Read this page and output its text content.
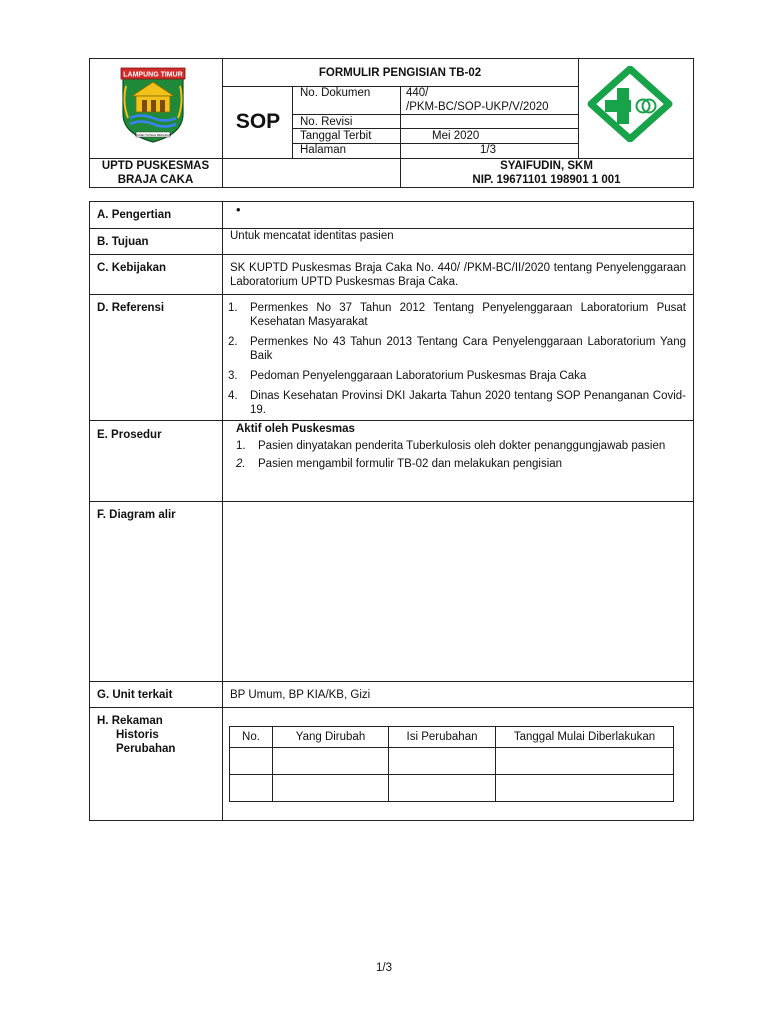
LAMPUNG TIMUR
BUMEI TUWAH BEPADAN
FORMULIR PENGISIAN TB-02
SOP
No. Dokumen	440/
/PKM-BC/SOP-UKP/V/2020
No. Revisi
Tanggal Terbit	Mei 2020
Halaman	1/3
UPTD PUSKESMAS
BRAJA CAKA
SYAIFUDIN, SKM
NIP. 19671101 198901 1 001
A. Pengertian	•
B. Tujuan	Untuk mencatat identitas pasien
C. Kebijakan	SK KUPTD Puskesmas Braja Caka No. 440/ /PKM-BC/II/2020 tentang Penyelenggaraan Laboratorium UPTD Puskesmas Braja Caka.
D. Referensi	1. Permenkes No 37 Tahun 2012 Tentang Penyelenggaraan Laboratorium Pusat Kesehatan Masyarakat
2. Permenkes No 43 Tahun 2013 Tentang Cara Penyelenggaraan Laboratorium Yang Baik
3. Pedoman Penyelenggaraan Laboratorium Puskesmas Braja Caka
4. Dinas Kesehatan Provinsi DKI Jakarta Tahun 2020 tentang SOP Penanganan Covid-19.
E. Prosedur	Aktif oleh Puskesmas
1. Pasien dinyatakan penderita Tuberkulosis oleh dokter penanggungjawab pasien
2. Pasien mengambil formulir TB-02 dan melakukan pengisian
F. Diagram alir
G. Unit terkait	BP Umum, BP KIA/KB, Gizi
H. Rekaman
Historis
Perubahan
No.	Yang Dirubah	Isi Perubahan	Tanggal Mulai Diberlakukan

1/3
